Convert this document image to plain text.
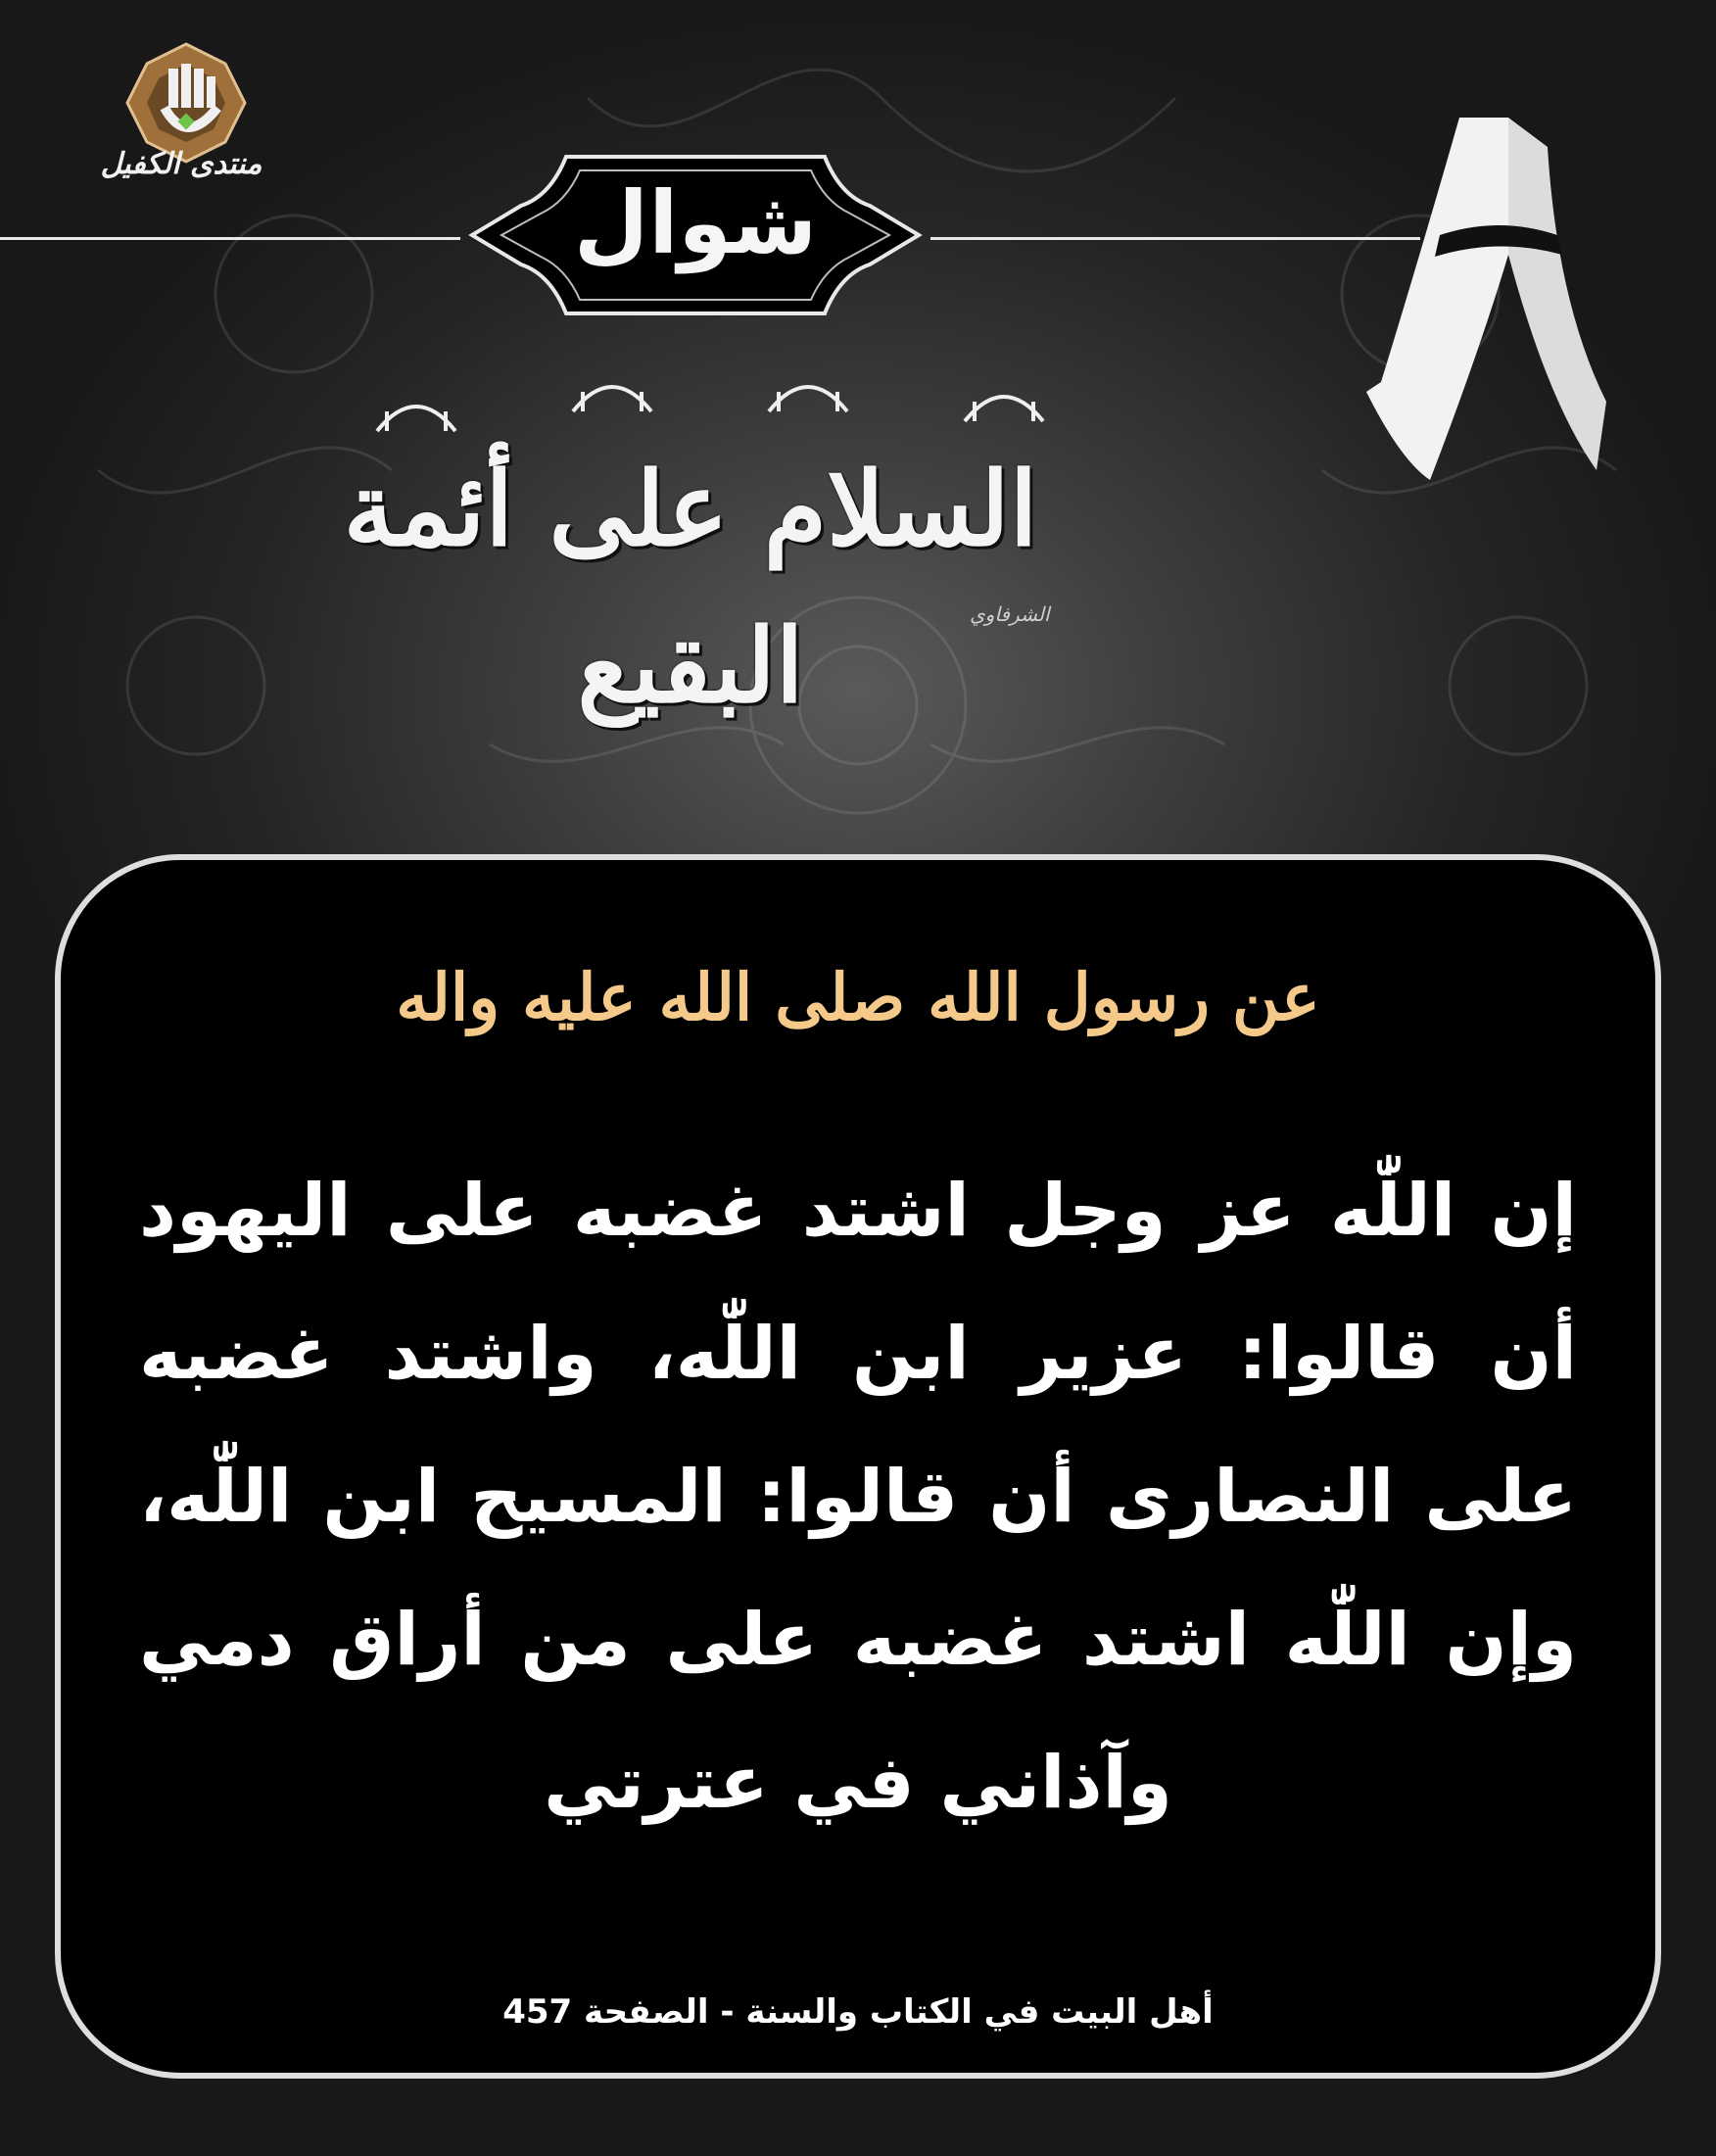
منتدى الكفيل
شوال
8
السلام على أئمة البقيع	الشرفاوي
عن رسول الله صلى الله عليه واله
إن اللّٰه عز وجل اشتد غضبه على اليهود أن قالوا: عزير ابن اللّٰه، واشتد غضبه على النصارى أن قالوا: المسيح ابن اللّٰه، وإن اللّٰه اشتد غضبه على من أراق دمي وآذاني في عترتي
أهل البيت في الكتاب والسنة - الصفحة 457
